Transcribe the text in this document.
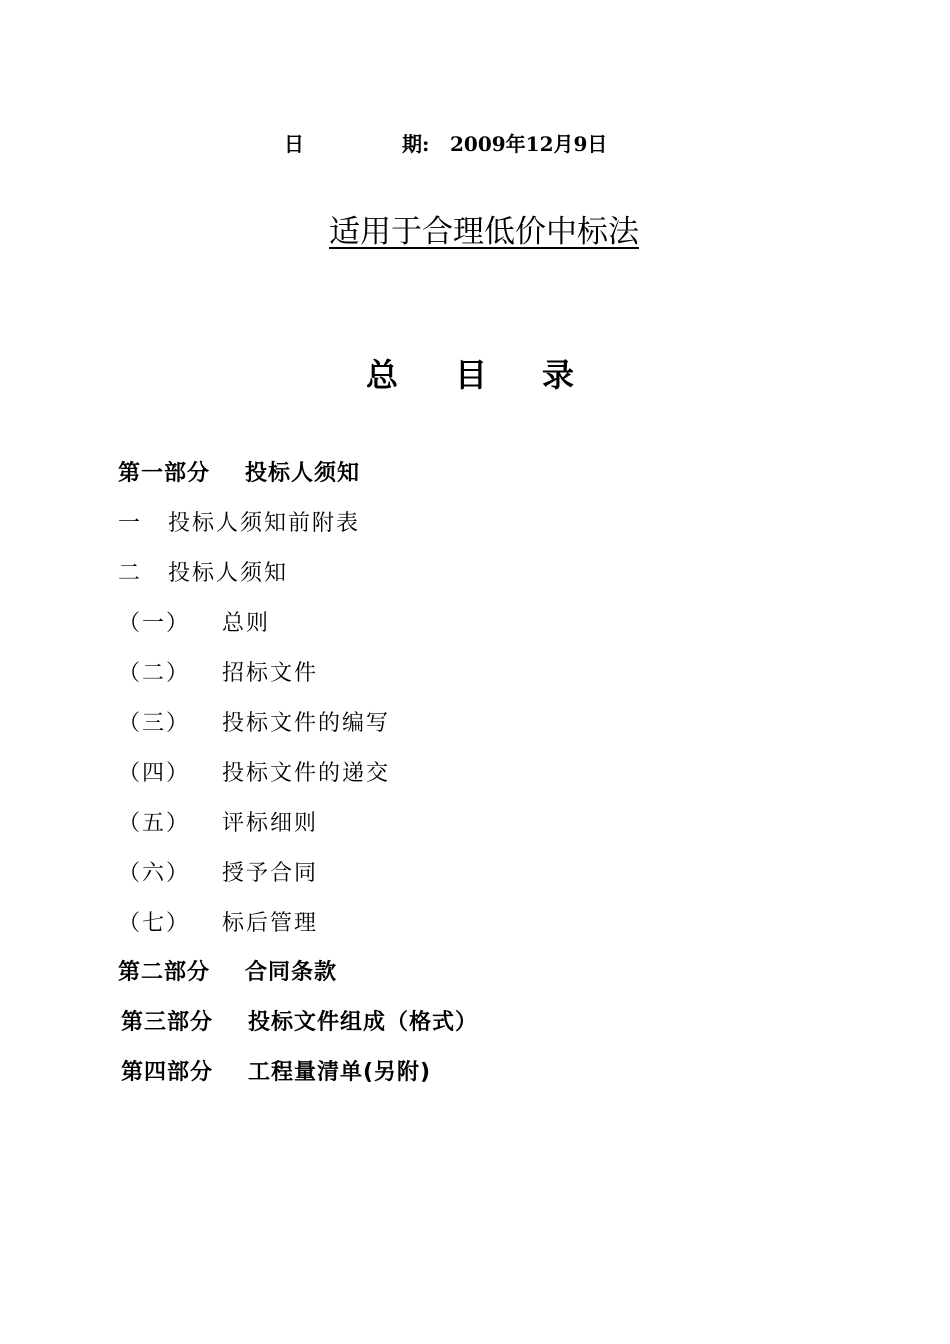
日	期: 2009年12月9日
适用于合理低价中标法
总 目 录
第一部分 投标人须知
一 投标人须知前附表
二 投标人须知
（一） 总则
（二） 招标文件
（三） 投标文件的编写
（四） 投标文件的递交
（五） 评标细则
（六） 授予合同
（七） 标后管理
第二部分 合同条款
第三部分 投标文件组成（格式）
第四部分 工程量清单(另附)
